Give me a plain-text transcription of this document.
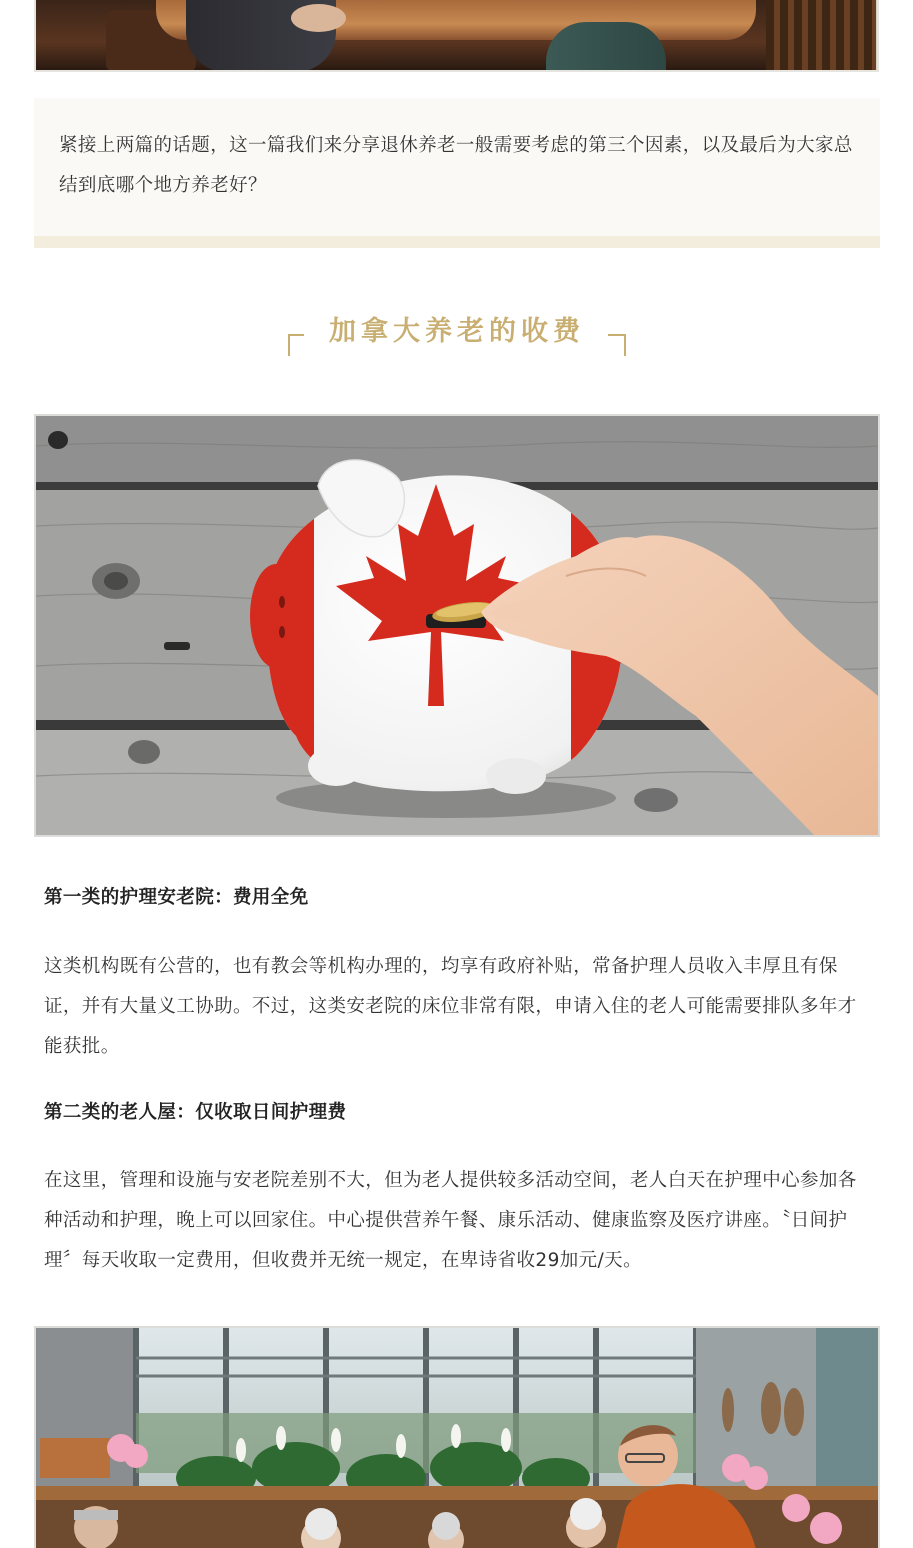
紧接上两篇的话题，这一篇我们来分享退休养老一般需要考虑的第三个因素，以及最后为大家总结到底哪个地方养老好？
加拿大养老的收费
第一类的护理安老院：费用全免
这类机构既有公营的，也有教会等机构办理的，均享有政府补贴，常备护理人员收入丰厚且有保证，并有大量义工协助。不过，这类安老院的床位非常有限，申请入住的老人可能需要排队多年才能获批。
第二类的老人屋：仅收取日间护理费
在这里，管理和设施与安老院差别不大，但为老人提供较多活动空间，老人白天在护理中心参加各种活动和护理，晚上可以回家住。中心提供营养午餐、康乐活动、健康监察及医疗讲座。〝日间护理〞每天收取一定费用，但收费并无统一规定，在卑诗省收29加元/天。
